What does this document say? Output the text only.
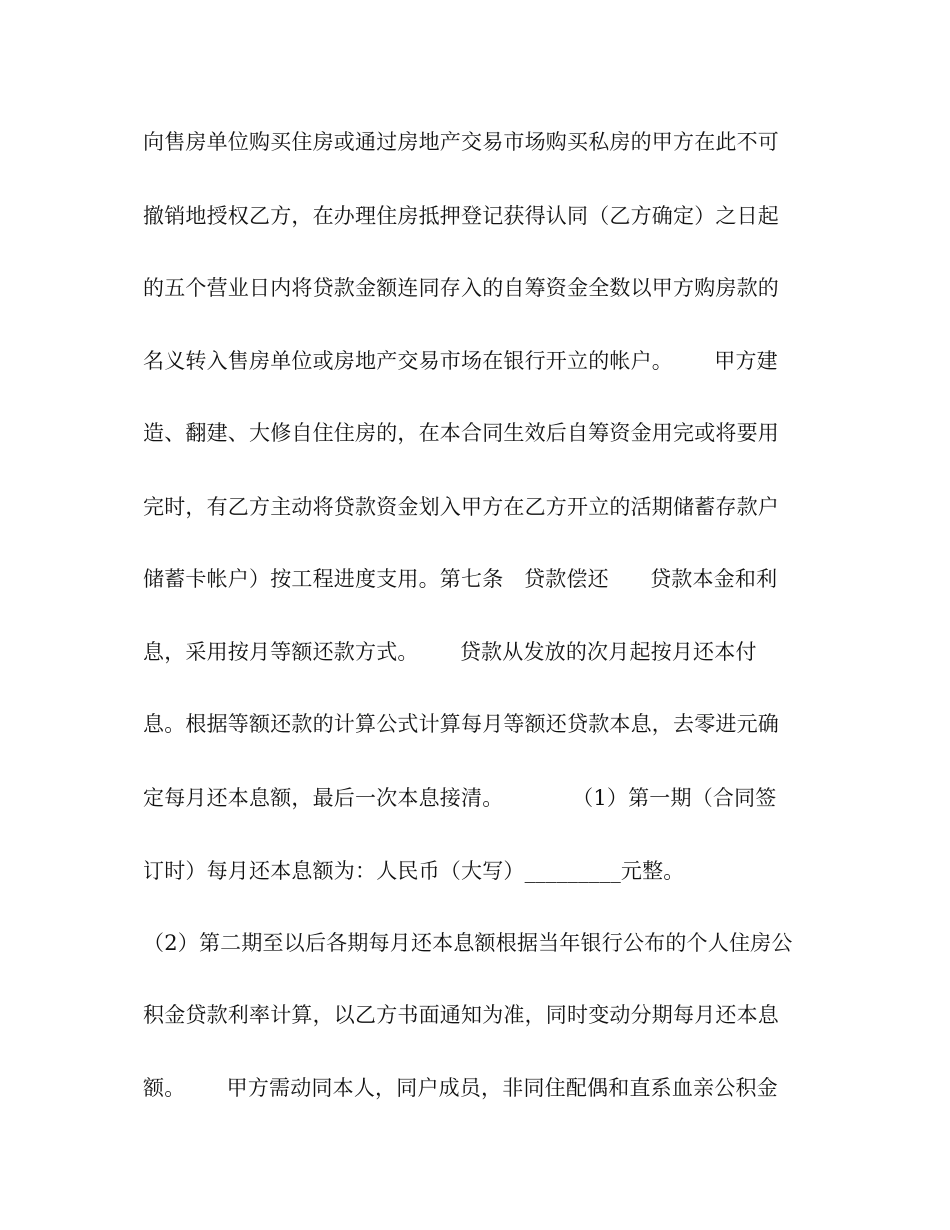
向售房单位购买住房或通过房地产交易市场购买私房的甲方在此不可
撤销地授权乙方，在办理住房抵押登记获得认同（乙方确定）之日起
的五个营业日内将贷款金额连同存入的自筹资金全数以甲方购房款的
名义转入售房单位或房地产交易市场在银行开立的帐户。      甲方建
造、翻建、大修自住住房的，在本合同生效后自筹资金用完或将要用
完时，有乙方主动将贷款资金划入甲方在乙方开立的活期储蓄存款户
储蓄卡帐户）按工程进度支用。第七条   贷款偿还      贷款本金和利
息，采用按月等额还款方式。      贷款从发放的次月起按月还本付
息。根据等额还款的计算公式计算每月等额还贷款本息，去零进元确
定每月还本息额，最后一次本息接清。          （1）第一期（合同签
订时）每月还本息额为：人民币（大写）_________元整。
（2）第二期至以后各期每月还本息额根据当年银行公布的个人住房公
积金贷款利率计算，以乙方书面通知为准，同时变动分期每月还本息
额。      甲方需动同本人，同户成员，非同住配偶和直系血亲公积金
